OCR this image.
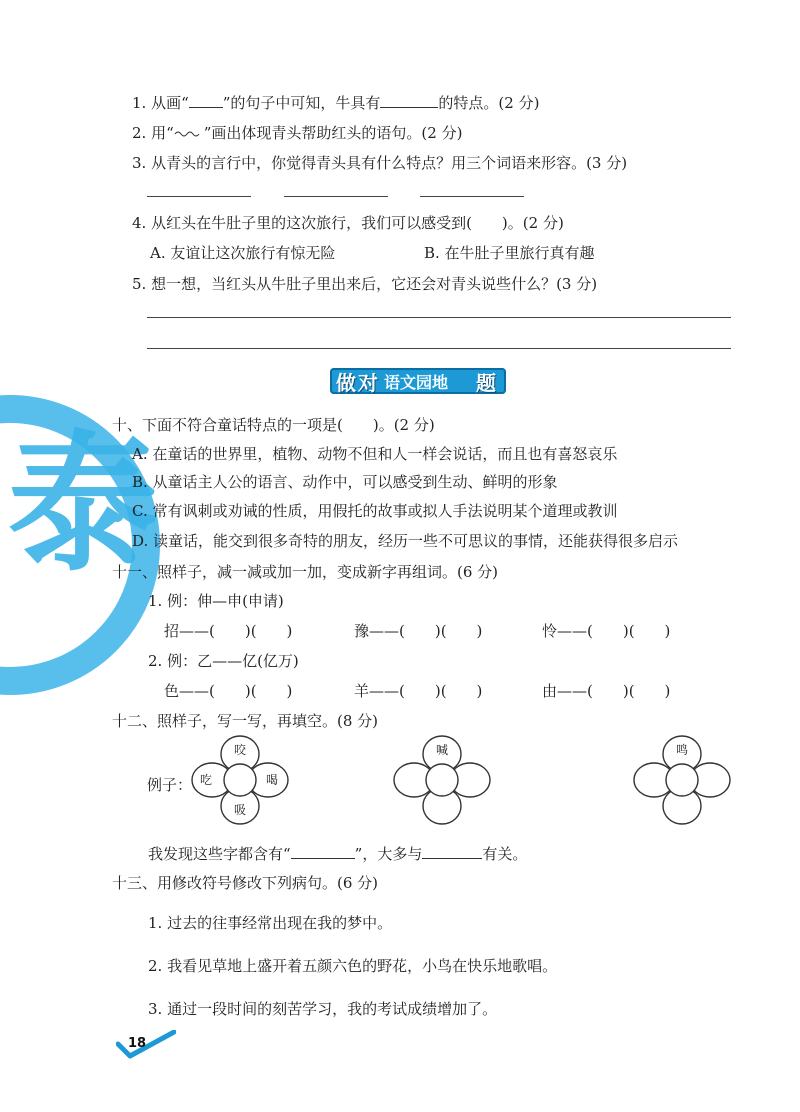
泰
1. 从画“ ”的句子中可知，牛具有	的特点。(2 分)
2. 用“ ”画出体现青头帮助红头的语句。(2 分)
3. 从青头的言行中，你觉得青头具有什么特点？用三个词语来形容。(3 分)
4. 从红头在牛肚子里的这次旅行，我们可以感受到(　　)。(2 分)
A. 友谊让这次旅行有惊无险	B. 在牛肚子里旅行真有趣
5. 想一想，当红头从牛肚子里出来后，它还会对青头说些什么？(3 分)
做 对 语文园地 题
十、下面不符合童话特点的一项是(　　)。(2 分)
A. 在童话的世界里，植物、动物不但和人一样会说话，而且也有喜怒哀乐
B. 从童话主人公的语言、动作中，可以感受到生动、鲜明的形象
C. 常有讽刺或劝诫的性质，用假托的故事或拟人手法说明某个道理或教训
D. 读童话，能交到很多奇特的朋友，经历一些不可思议的事情，还能获得很多启示
十一、照样子，减一减或加一加，变成新字再组词。(6 分)
1. 例：伸—申(申请)
招——(　　)(　　)	豫——(　　)(　　)	怜——(　　)(　　)
2. 例：乙——亿(亿万)
色——(　　)(　　)	羊——(　　)(　　)	由——(　　)(　　)
十二、照样子，写一写，再填空。(8 分)
例子：
咬
吃	喝
吸
喊	鸣
我发现这些字都含有“	”，大多与	有关。
十三、用修改符号修改下列病句。(6 分)
1. 过去的往事经常出现在我的梦中。
2. 我看见草地上盛开着五颜六色的野花，小鸟在快乐地歌唱。
3. 通过一段时间的刻苦学习，我的考试成绩增加了。
18
